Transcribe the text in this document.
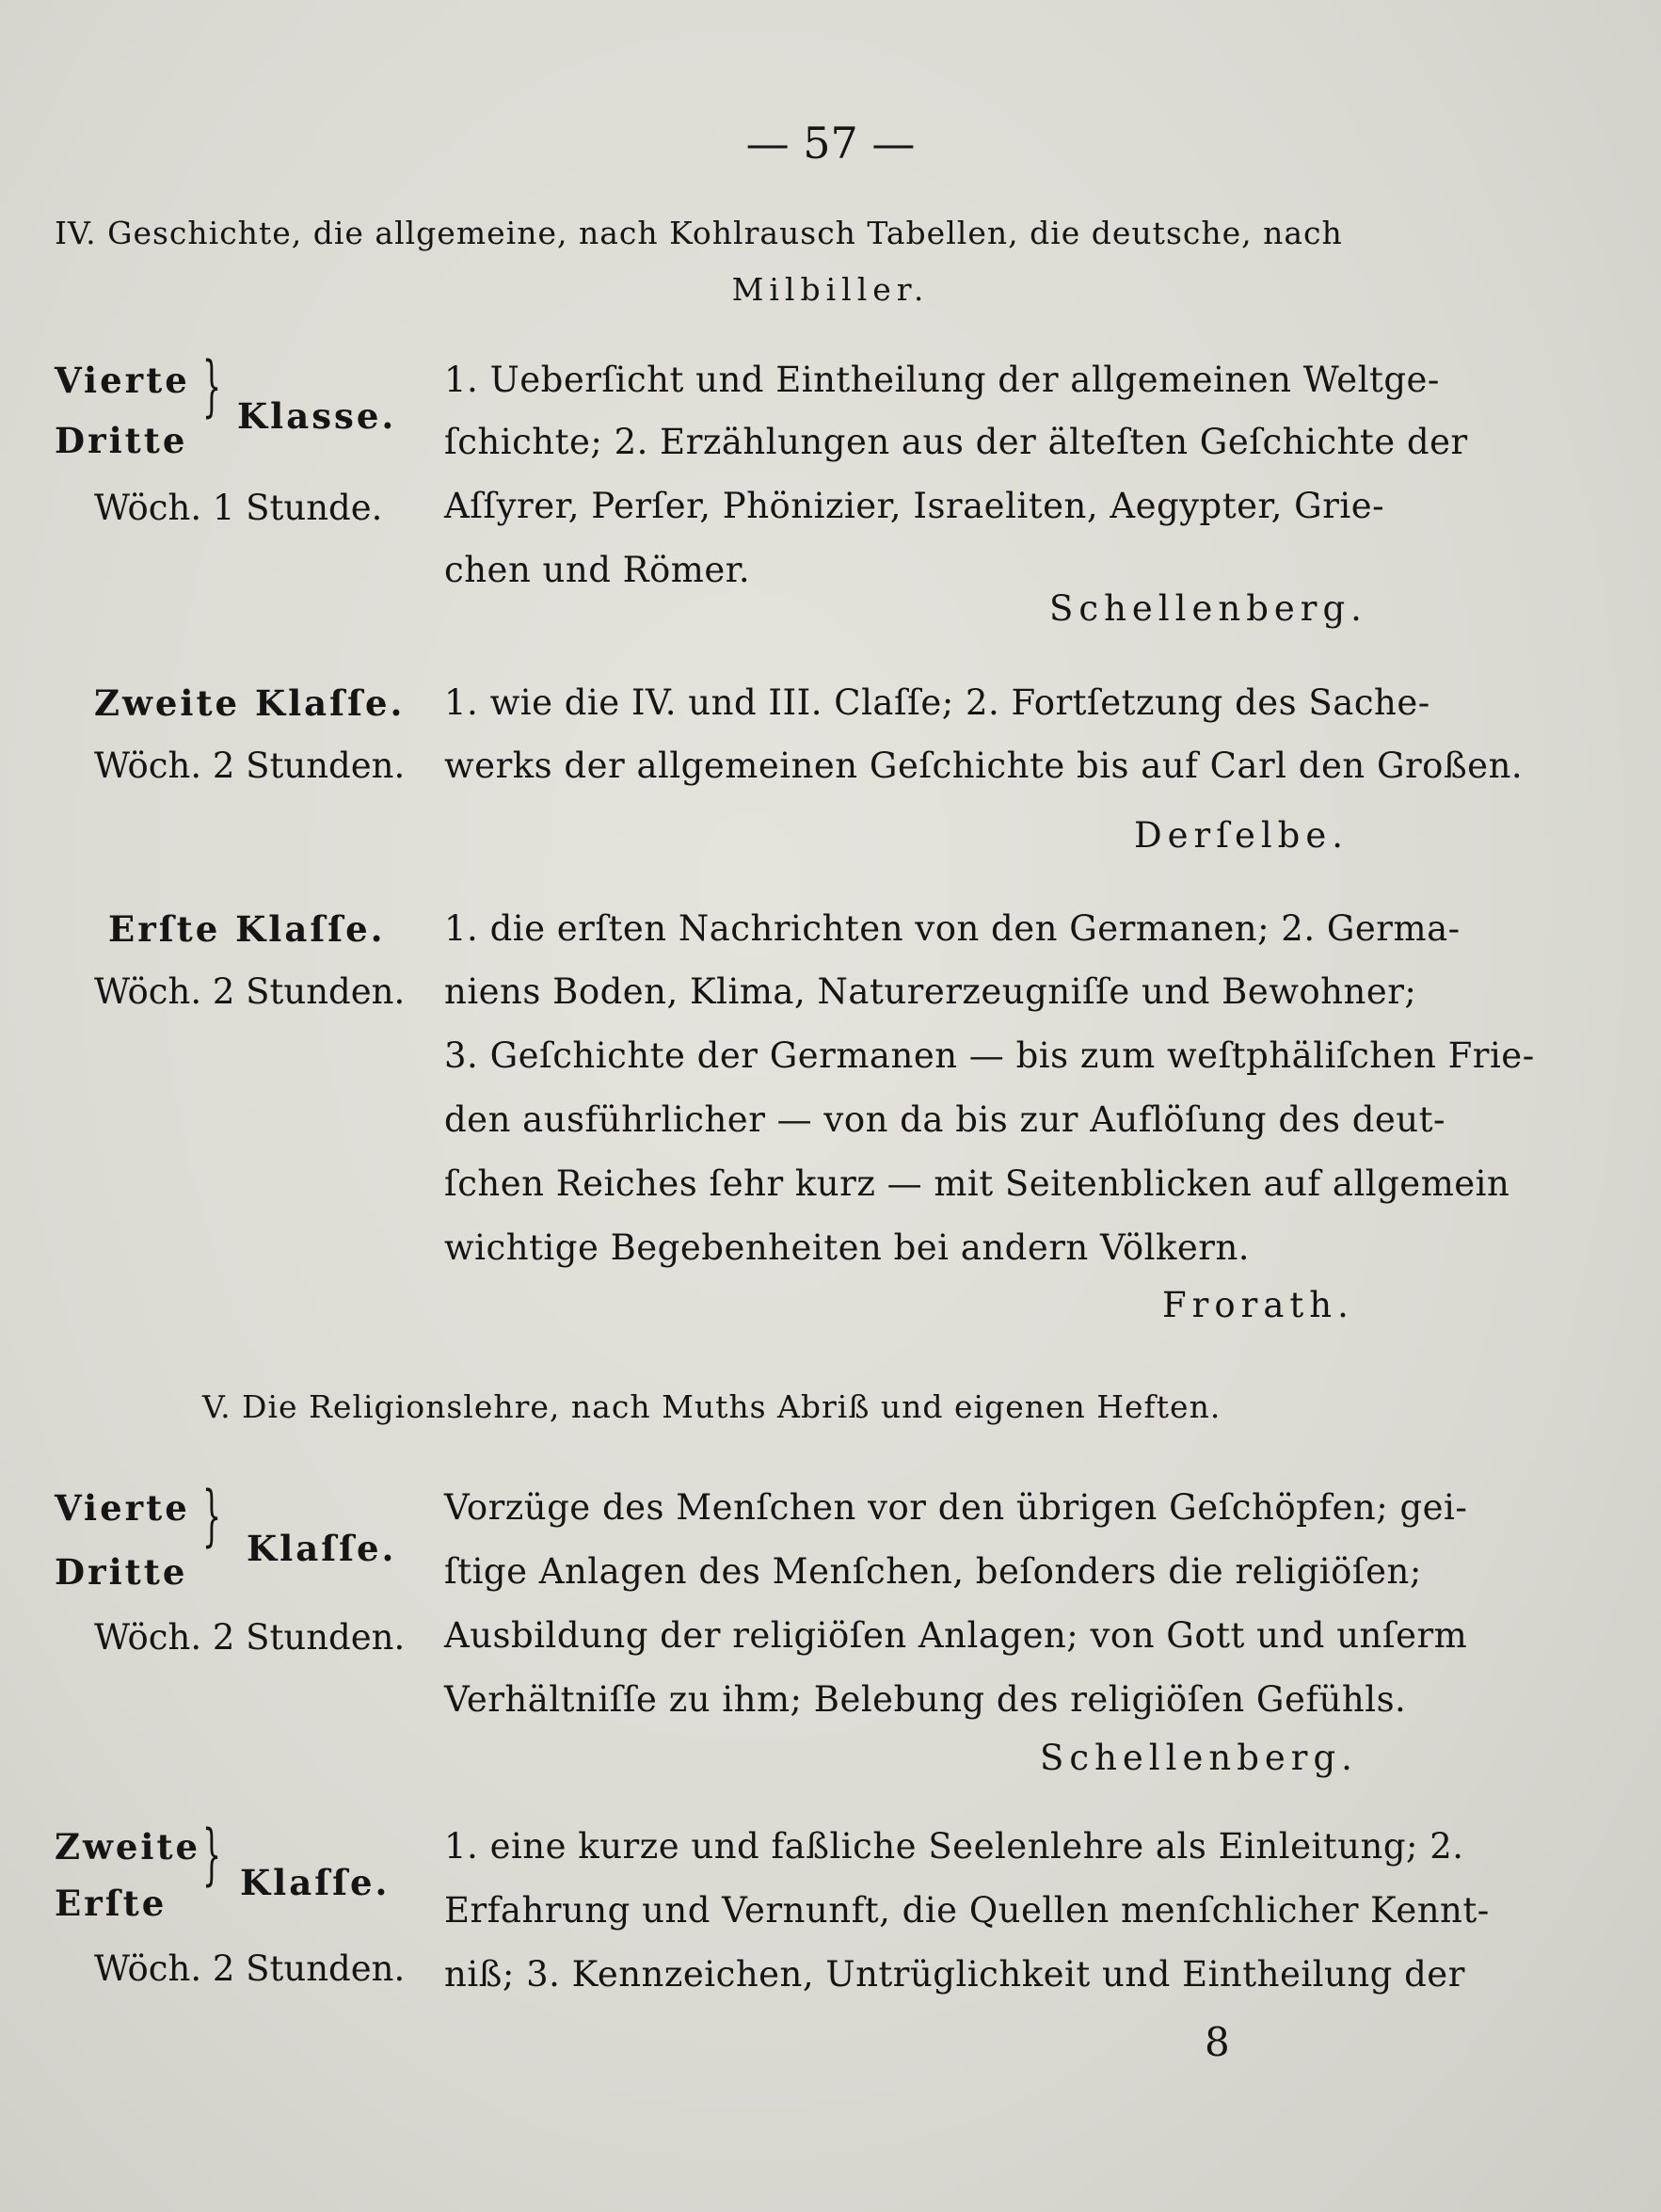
— 57 —
IV. Geschichte, die allgemeine, nach Kohlrausch Tabellen, die deutsche, nach
Milbiller.
Vierte
Dritte
} Klasse.
Wöch. 1 Stunde.
1. Ueberſicht und Eintheilung der allgemeinen Weltge-
ſchichte; 2. Erzählungen aus der älteſten Geſchichte der
Aſſyrer, Perſer, Phönizier, Israeliten, Aegypter, Grie-
chen und Römer.
Schellenberg.
Zweite Klaſſe.
Wöch. 2 Stunden.
1. wie die IV. und III. Claſſe; 2. Fortſetzung des Sache-
werks der allgemeinen Geſchichte bis auf Carl den Großen.
Derſelbe.
Erſte Klaſſe.
Wöch. 2 Stunden.
1. die erſten Nachrichten von den Germanen; 2. Germa-
niens Boden, Klima, Naturerzeugniſſe und Bewohner;
3. Geſchichte der Germanen — bis zum weſtphäliſchen Frie-
den ausführlicher — von da bis zur Auflöſung des deut-
ſchen Reiches ſehr kurz — mit Seitenblicken auf allgemein
wichtige Begebenheiten bei andern Völkern.
Frorath.
V. Die Religionslehre, nach Muths Abriß und eigenen Heften.
Vierte
Dritte
} Klaſſe.
Wöch. 2 Stunden.
Vorzüge des Menſchen vor den übrigen Geſchöpfen; gei-
ſtige Anlagen des Menſchen, beſonders die religiöſen;
Ausbildung der religiöſen Anlagen; von Gott und unſerm
Verhältniſſe zu ihm; Belebung des religiöſen Gefühls.
Schellenberg.
Zweite
Erſte
} Klaſſe.
Wöch. 2 Stunden.
1. eine kurze und faßliche Seelenlehre als Einleitung; 2.
Erfahrung und Vernunft, die Quellen menſchlicher Kennt-
niß; 3. Kennzeichen, Untrüglichkeit und Eintheilung der
8
